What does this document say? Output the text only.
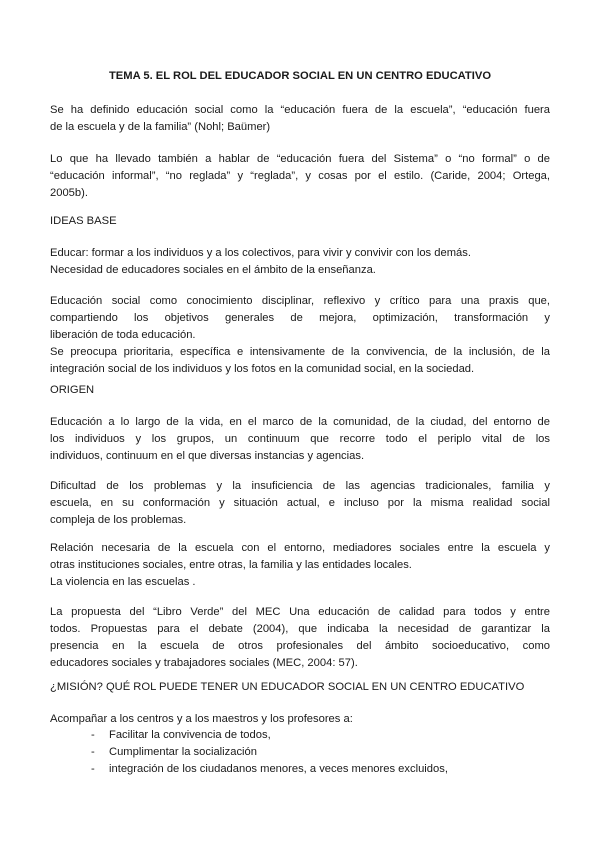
TEMA 5. EL ROL DEL EDUCADOR SOCIAL EN UN CENTRO EDUCATIVO
Se ha definido educación social como la “educación fuera de la escuela”, “educación fuera
de la escuela y de la familia” (Nohl; Baümer)
Lo que ha llevado también a hablar de “educación fuera del Sistema” o “no formal” o de
“educación informal”, “no reglada” y “reglada”, y cosas por el estilo. (Caride, 2004; Ortega,
2005b).
IDEAS BASE
Educar: formar a los individuos y a los colectivos, para vivir y convivir con los demás.
Necesidad de educadores sociales en el ámbito de la enseñanza.
Educación social como conocimiento disciplinar, reflexivo y crítico para una praxis que,
compartiendo los objetivos generales de mejora, optimización, transformación y
liberación de toda educación.
Se preocupa prioritaria, específica e intensivamente de la convivencia, de la inclusión, de la
integración social de los individuos y los fotos en la comunidad social, en la sociedad.
ORIGEN
Educación a lo largo de la vida, en el marco de la comunidad, de la ciudad, del entorno de
los individuos y los grupos, un continuum que recorre todo el periplo vital de los
individuos, continuum en el que diversas instancias y agencias.
Dificultad de los problemas y la insuficiencia de las agencias tradicionales, familia y
escuela, en su conformación y situación actual, e incluso por la misma realidad social
compleja de los problemas.
Relación necesaria de la escuela con el entorno, mediadores sociales entre la escuela y
otras instituciones sociales, entre otras, la familia y las entidades locales.
La violencia en las escuelas .
La propuesta del “Libro Verde” del MEC Una educación de calidad para todos y entre
todos. Propuestas para el debate (2004), que indicaba la necesidad de garantizar la
presencia en la escuela de otros profesionales del ámbito socioeducativo, como
educadores sociales y trabajadores sociales (MEC, 2004: 57).
¿MISIÓN? QUÉ ROL PUEDE TENER UN EDUCADOR SOCIAL EN UN CENTRO EDUCATIVO
Acompañar a los centros y a los maestros y los profesores a:
- Facilitar la convivencia de todos,
- Cumplimentar la socialización
- integración de los ciudadanos menores, a veces menores excluidos,
